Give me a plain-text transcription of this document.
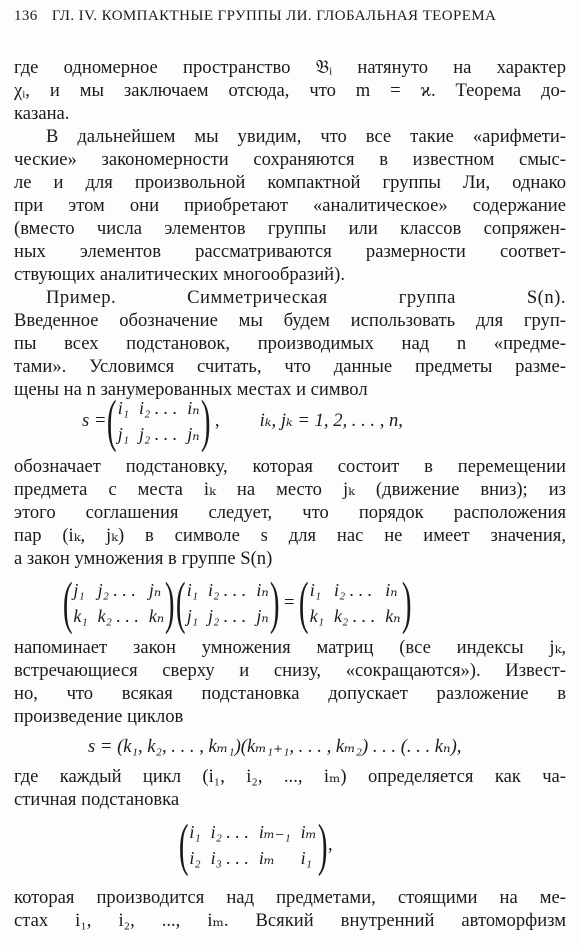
136 ГЛ. IV. КОМПАКТНЫЕ ГРУППЫ ЛИ. ГЛОБАЛЬНАЯ ТЕОРЕМА
где одномерное пространство 𝔅ᵢ натянуто на характер
χᵢ, и мы заключаем отсюда, что m = ϰ. Теорема до-
казана.
В дальнейшем мы увидим, что все такие «арифмети-
ческие» закономерности сохраняются в известном смыс-
ле и для произвольной компактной группы Ли, однако
при этом они приобретают «аналитическое» содержание
(вместо числа элементов группы или классов сопряжен-
ных элементов рассматриваются размерности соответ-
ствующих аналитических многообразий).
Пример. Симметрическая группа S(n).
Введенное обозначение мы будем использовать для груп-
пы всех подстановок, производимых над n «предме-
тами». Условимся считать, что данные предметы разме-
щены на n занумерованных местах и символ
s = ( i₁ i₂ . . . iₙ
j₁ j₂ . . . jₙ ) , iₖ, jₖ = 1, 2, . . . , n,
обозначает подстановку, которая состоит в перемещении
предмета с места iₖ на место jₖ (движение вниз); из
этого соглашения следует, что порядок расположения
пар (iₖ, jₖ) в символе s для нас не имеет значения,
а закон умножения в группе S(n)
( j₁ j₂ . . . jₙ
k₁ k₂ . . . kₙ ) ( i₁ i₂ . . . iₙ
j₁ j₂ . . . jₙ ) = ( i₁ i₂ . . . iₙ
k₁ k₂ . . . kₙ )
напоминает закон умножения матриц (все индексы jₖ,
встречающиеся сверху и снизу, «сокращаются»). Извест-
но, что всякая подстановка допускает разложение в
произведение циклов
s = (k₁, k₂, . . . , kₘ₁)(kₘ₁₊₁, . . . , kₘ₂) . . . (. . . kₙ),
где каждый цикл (i₁, i₂, ..., iₘ) определяется как ча-
стичная подстановка
( i₁ i₂ . . . iₘ₋₁ iₘ
i₂ i₃ . . . iₘ	i₁ ) ,
которая производится над предметами, стоящими на ме-
стах i₁, i₂, ..., iₘ. Всякий внутренний автоморфизм
